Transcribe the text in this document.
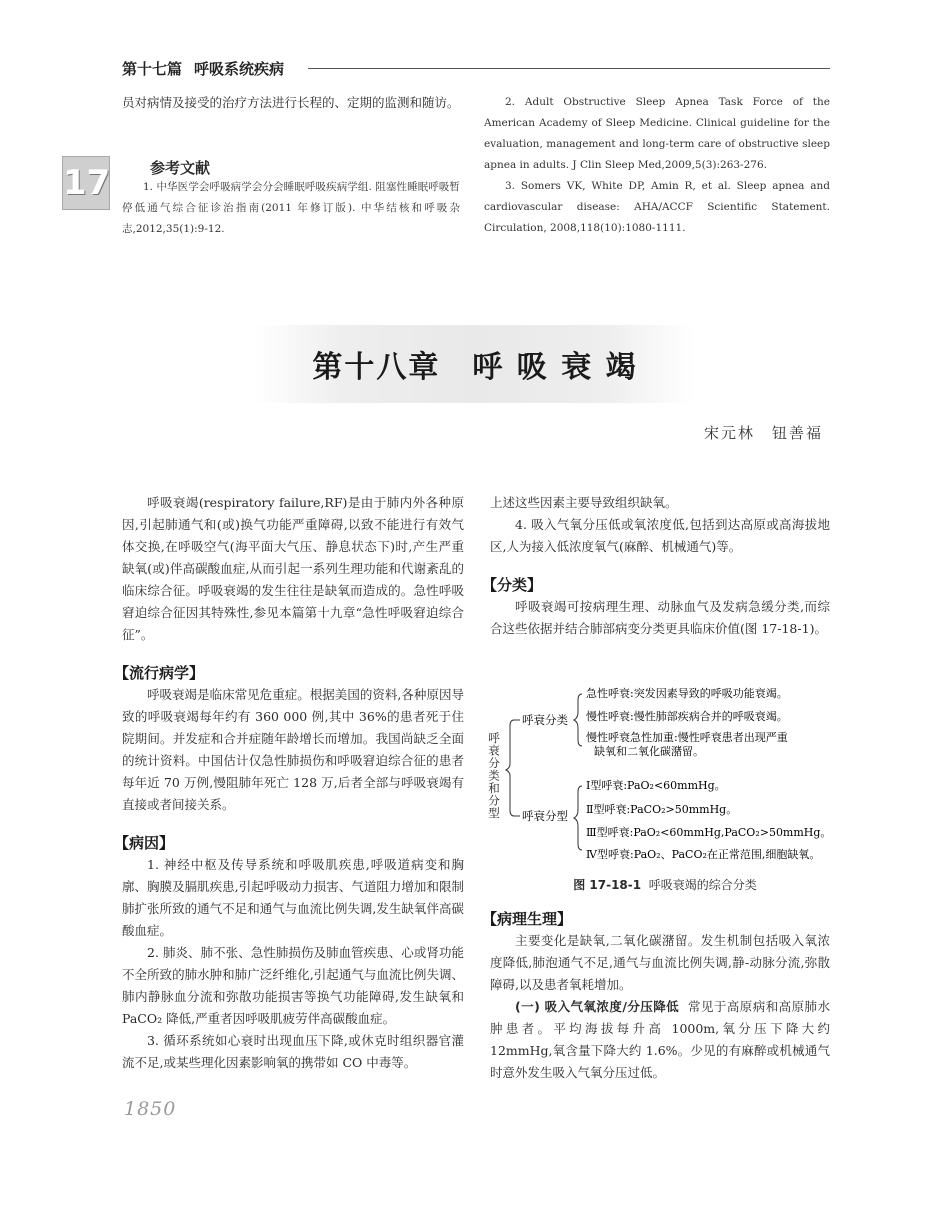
第十七篇 呼吸系统疾病

员对病情及接受的治疗方法进行长程的、定期的监测和随访。

17	参考文献

1. 中华医学会呼吸病学会分会睡眠呼吸疾病学组. 阻塞性睡眠呼吸暂停低通气综合征诊治指南(2011 年修订版). 中华结核和呼吸杂志,2012,35(1):9-12.

2. Adult Obstructive Sleep Apnea Task Force of the American Academy of Sleep Medicine. Clinical guideline for the evaluation, management and long-term care of obstructive sleep apnea in adults. J Clin Sleep Med,2009,5(3):263-276.

3. Somers VK, White DP, Amin R, et al. Sleep apnea and cardiovascular disease: AHA/ACCF Scientific Statement. Circulation, 2008,118(10):1080-1111.

第十八章　呼 吸 衰 竭
宋元林　钮善福

呼吸衰竭(respiratory failure,RF)是由于肺内外各种原因,引起肺通气和(或)换气功能严重障碍,以致不能进行有效气体交换,在呼吸空气(海平面大气压、静息状态下)时,产生严重缺氧(或)伴高碳酸血症,从而引起一系列生理功能和代谢紊乱的临床综合征。呼吸衰竭的发生往往是缺氧而造成的。急性呼吸窘迫综合征因其特殊性,参见本篇第十九章“急性呼吸窘迫综合征”。

【流行病学】

呼吸衰竭是临床常见危重症。根据美国的资料,各种原因导致的呼吸衰竭每年约有 360 000 例,其中 36%的患者死于住院期间。并发症和合并症随年龄增长而增加。我国尚缺乏全面的统计资料。中国估计仅急性肺损伤和呼吸窘迫综合征的患者每年近 70 万例,慢阻肺年死亡 128 万,后者全部与呼吸衰竭有直接或者间接关系。

【病因】

1. 神经中枢及传导系统和呼吸肌疾患,呼吸道病变和胸廓、胸膜及膈肌疾患,引起呼吸动力损害、气道阻力增加和限制肺扩张所致的通气不足和通气与血流比例失调,发生缺氧伴高碳酸血症。

2. 肺炎、肺不张、急性肺损伤及肺血管疾患、心或肾功能不全所致的肺水肿和肺广泛纤维化,引起通气与血流比例失调、肺内静脉血分流和弥散功能损害等换气功能障碍,发生缺氧和 PaCO₂ 降低,严重者因呼吸肌疲劳伴高碳酸血症。

3. 循环系统如心衰时出现血压下降,或休克时组织器官灌流不足,或某些理化因素影响氧的携带如 CO 中毒等。

上述这些因素主要导致组织缺氧。

4. 吸入气氧分压低或氧浓度低,包括到达高原或高海拔地区,人为接入低浓度氧气(麻醉、机械通气)等。

【分类】

呼吸衰竭可按病理生理、动脉血气及发病急缓分类,而综合这些依据并结合肺部病变分类更具临床价值(图 17-18-1)。

呼衰分类和分型
呼衰分类
呼衰分型
急性呼衰:突发因素导致的呼吸功能衰竭。
慢性呼衰:慢性肺部疾病合并的呼吸衰竭。
慢性呼衰急性加重:慢性呼衰患者出现严重
缺氧和二氧化碳潴留。
Ⅰ型呼衰:PaO₂<60mmHg。
Ⅱ型呼衰:PaCO₂>50mmHg。
Ⅲ型呼衰:PaO₂<60mmHg,PaCO₂>50mmHg。
Ⅳ型呼衰:PaO₂、PaCO₂在正常范围,细胞缺氧。
图 17-18-1 呼吸衰竭的综合分类
【病理生理】

主要变化是缺氧,二氧化碳潴留。发生机制包括吸入氧浓度降低,肺泡通气不足,通气与血流比例失调,静-动脉分流,弥散障碍,以及患者氧耗增加。

(一) 吸入气氧浓度/分压降低 常见于高原病和高原肺水肿患者。平均海拔每升高 1000m,氧分压下降大约 12mmHg,氧含量下降大约 1.6%。少见的有麻醉或机械通气时意外发生吸入气氧分压过低。

1850
